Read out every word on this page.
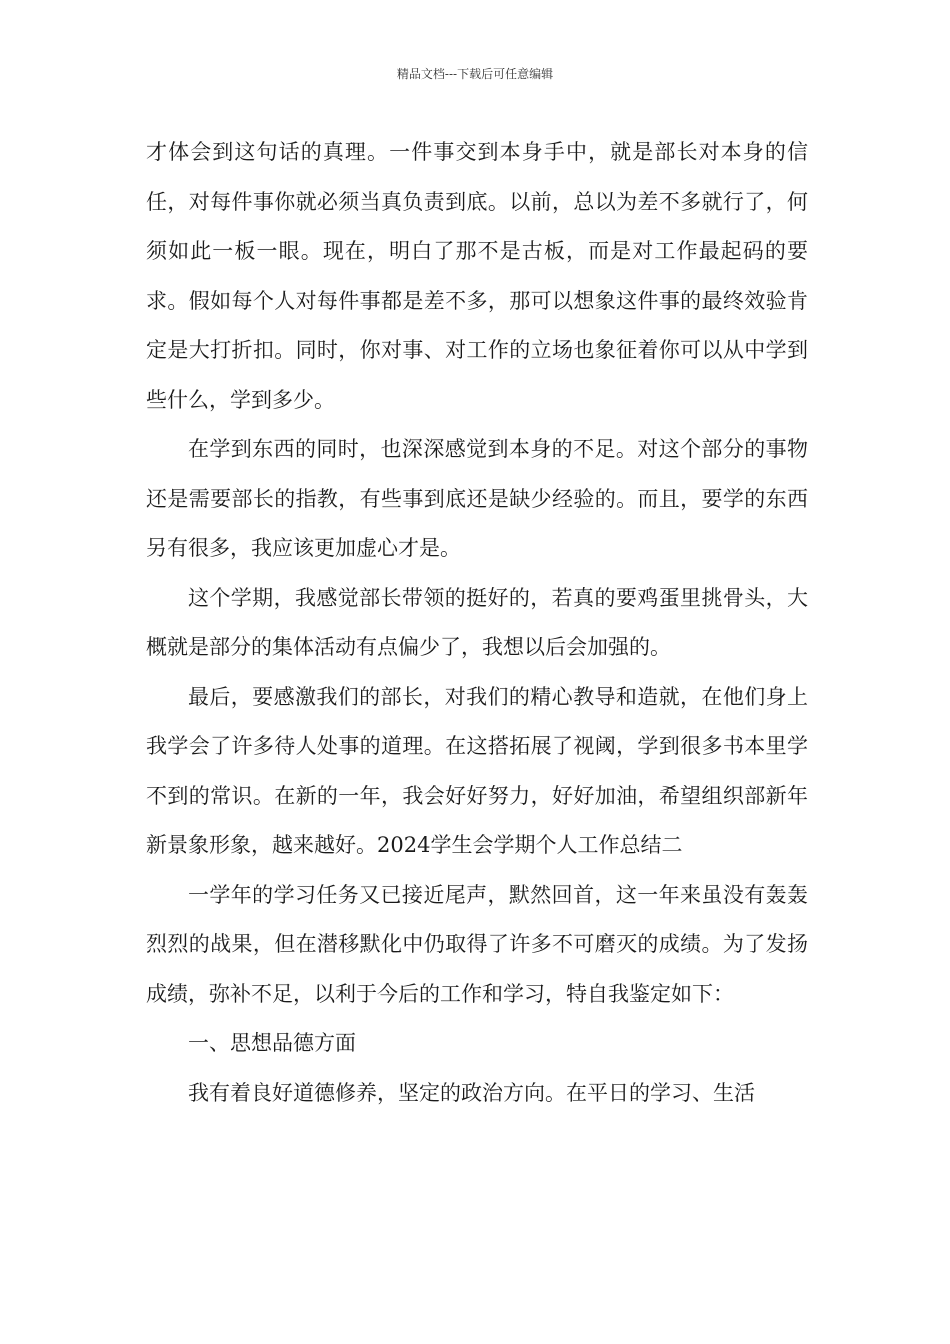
精品文档---下载后可任意编辑

才体会到这句话的真理。一件事交到本身手中，就是部长对本身的信任，对每件事你就必须当真负责到底。以前，总以为差不多就行了，何须如此一板一眼。现在，明白了那不是古板，而是对工作最起码的要求。假如每个人对每件事都是差不多，那可以想象这件事的最终效验肯定是大打折扣。同时，你对事、对工作的立场也象征着你可以从中学到些什么，学到多少。

在学到东西的同时，也深深感觉到本身的不足。对这个部分的事物还是需要部长的指教，有些事到底还是缺少经验的。而且，要学的东西另有很多，我应该更加虚心才是。

这个学期，我感觉部长带领的挺好的，若真的要鸡蛋里挑骨头，大概就是部分的集体活动有点偏少了，我想以后会加强的。

最后，要感激我们的部长，对我们的精心教导和造就，在他们身上我学会了许多待人处事的道理。在这搭拓展了视阈，学到很多书本里学不到的常识。在新的一年，我会好好努力，好好加油，希望组织部新年新景象形象，越来越好。2024学生会学期个人工作总结二

一学年的学习任务又已接近尾声，默然回首，这一年来虽没有轰轰烈烈的战果，但在潜移默化中仍取得了许多不可磨灭的成绩。为了发扬成绩，弥补不足，以利于今后的工作和学习，特自我鉴定如下：

一、思想品德方面

我有着良好道德修养，坚定的政治方向。在平日的学习、生活
